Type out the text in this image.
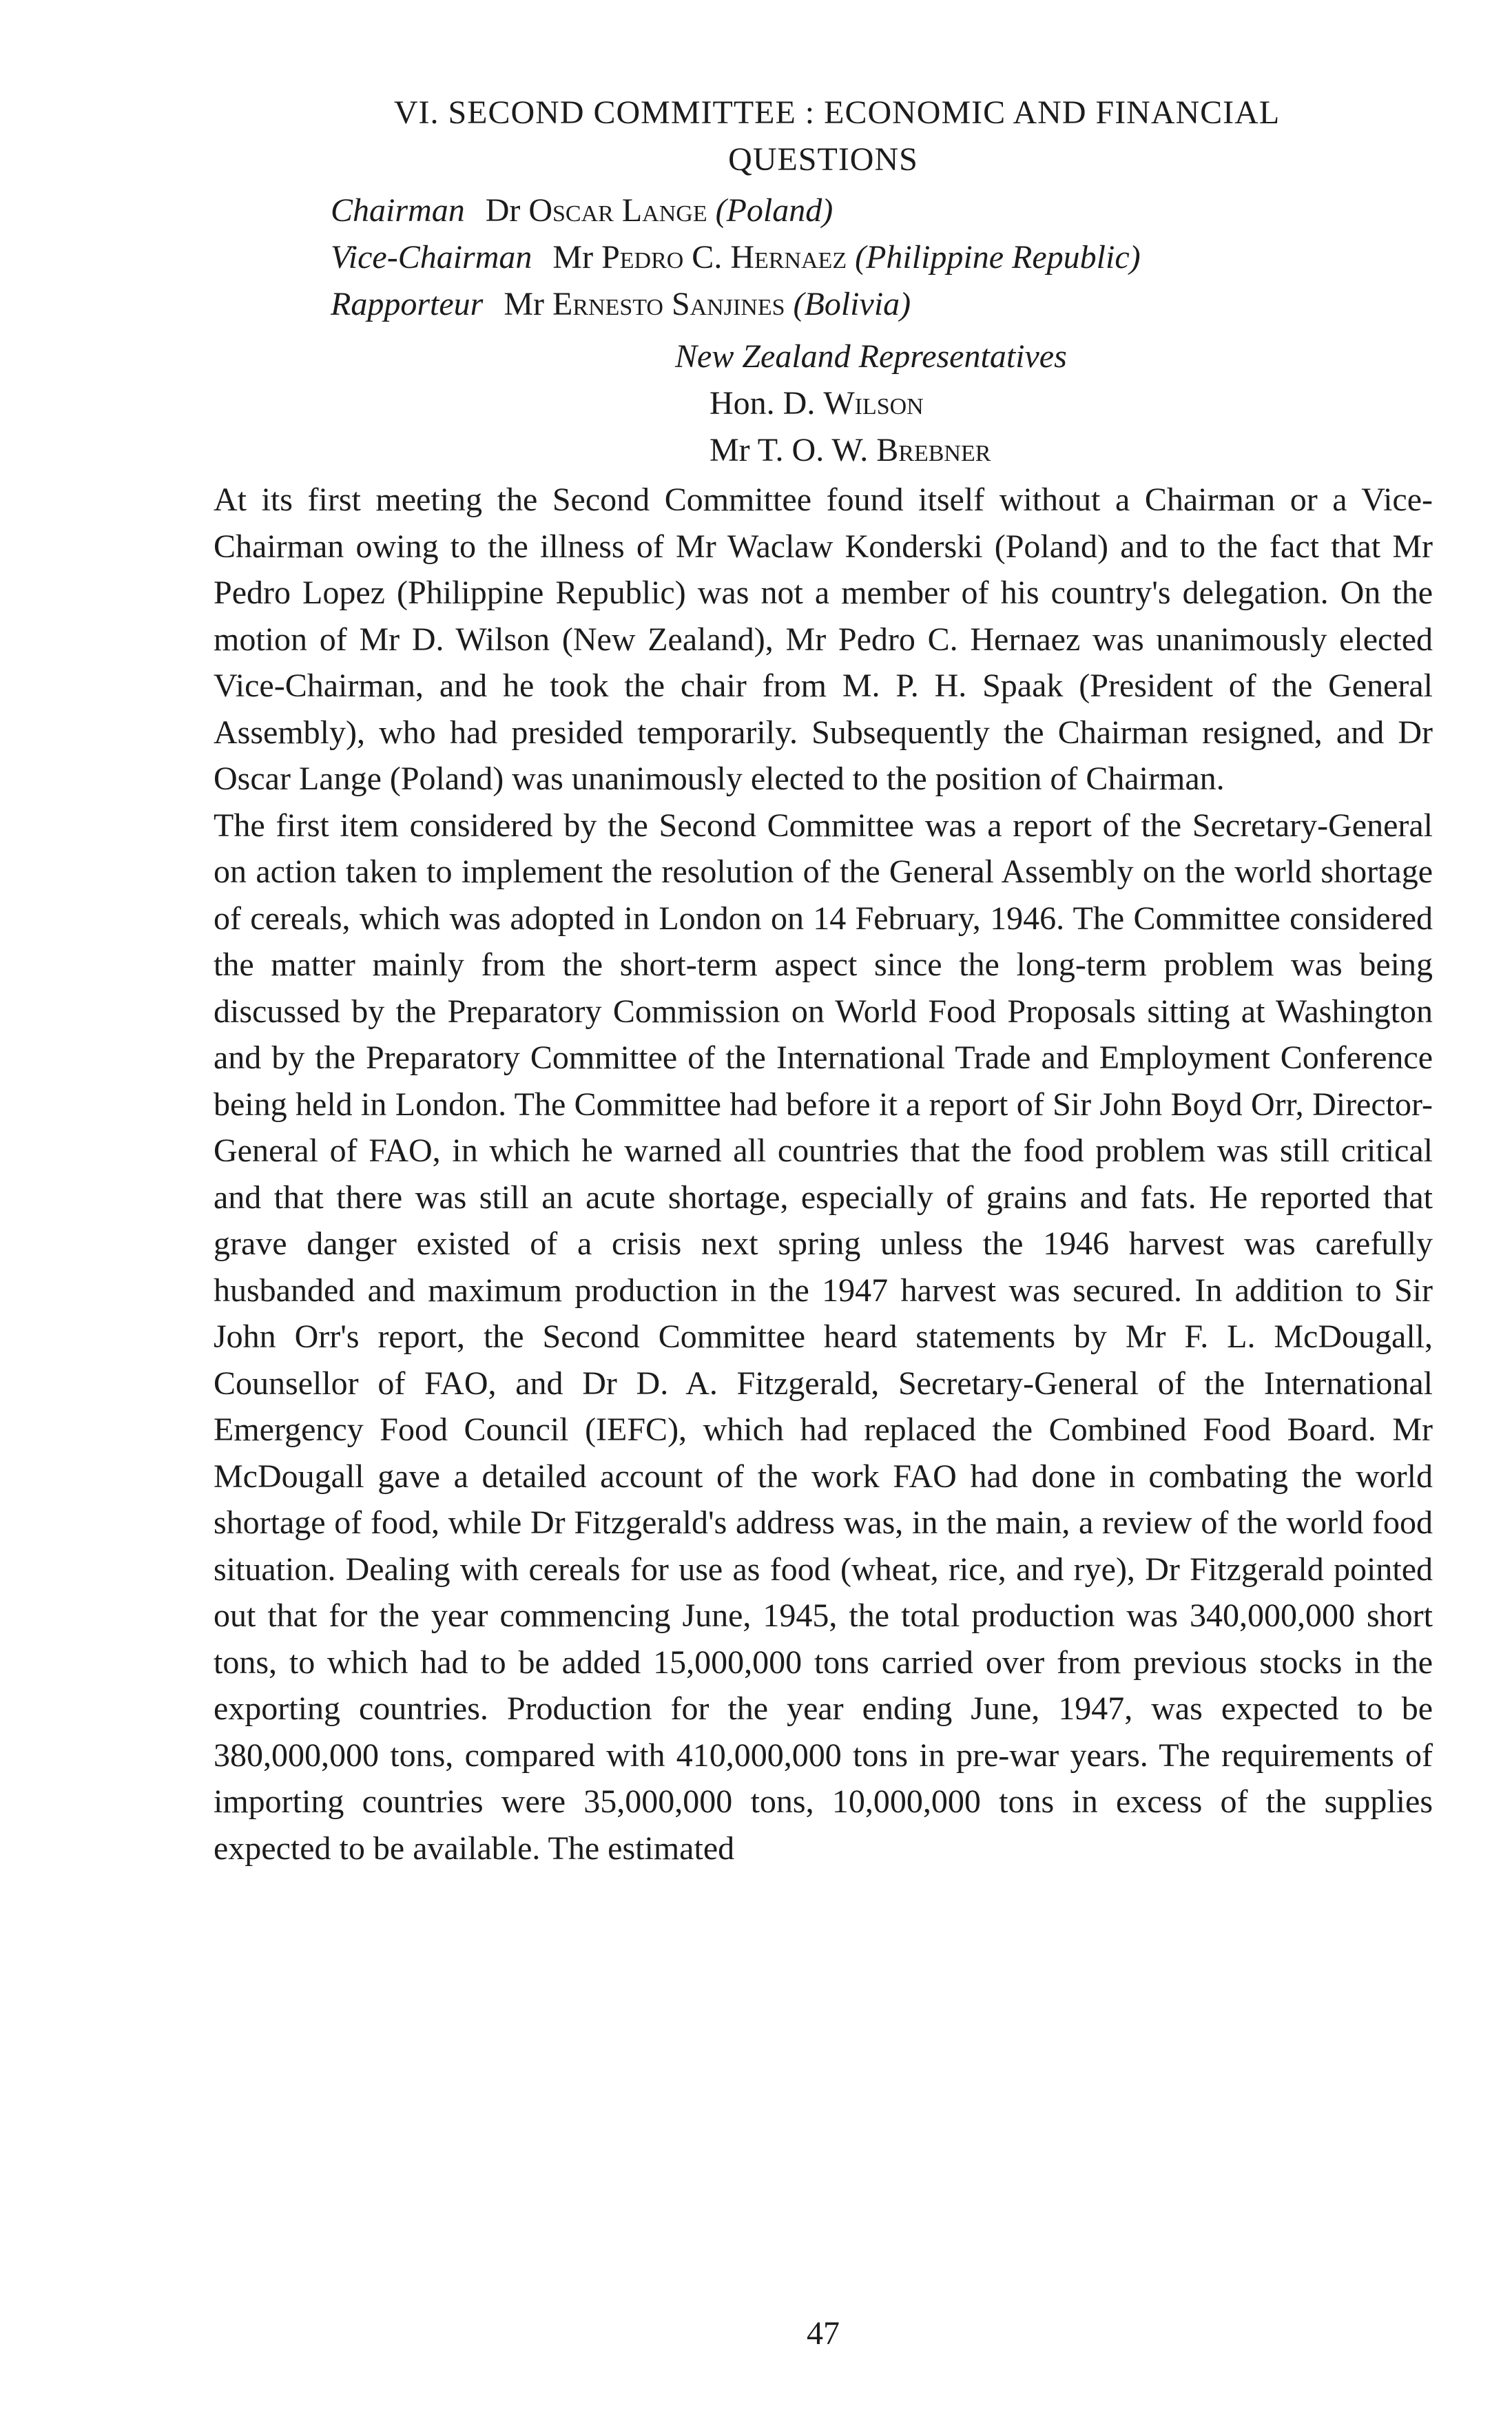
VI. SECOND COMMITTEE : ECONOMIC AND FINANCIAL
QUESTIONS
Chairman Dr Oscar Lange (Poland)
Vice-Chairman Mr Pedro C. Hernaez (Philippine Republic)
Rapporteur Mr Ernesto Sanjines (Bolivia)
New Zealand Representatives
Hon. D. Wilson
Mr T. O. W. Brebner

At its first meeting the Second Committee found itself without a Chairman or a Vice-Chairman owing to the illness of Mr Waclaw Konderski (Poland) and to the fact that Mr Pedro Lopez (Philippine Republic) was not a member of his country's delegation. On the motion of Mr D. Wilson (New Zealand), Mr Pedro C. Hernaez was unanimously elected Vice-Chairman, and he took the chair from M. P. H. Spaak (President of the General Assembly), who had presided temporarily. Subsequently the Chairman resigned, and Dr Oscar Lange (Poland) was unanimously elected to the position of Chairman.

The first item considered by the Second Committee was a report of the Secretary-General on action taken to implement the resolution of the General Assembly on the world shortage of cereals, which was adopted in London on 14 February, 1946. The Committee considered the matter mainly from the short-term aspect since the long-term problem was being discussed by the Preparatory Commission on World Food Proposals sitting at Washington and by the Preparatory Committee of the International Trade and Employment Conference being held in London. The Committee had before it a report of Sir John Boyd Orr, Director-General of FAO, in which he warned all countries that the food problem was still critical and that there was still an acute shortage, especially of grains and fats. He reported that grave danger existed of a crisis next spring unless the 1946 harvest was carefully husbanded and maximum production in the 1947 harvest was secured. In addition to Sir John Orr's report, the Second Committee heard statements by Mr F. L. McDougall, Counsellor of FAO, and Dr D. A. Fitzgerald, Secretary-General of the International Emergency Food Council (IEFC), which had replaced the Combined Food Board. Mr McDougall gave a detailed account of the work FAO had done in combating the world shortage of food, while Dr Fitzgerald's address was, in the main, a review of the world food situation. Dealing with cereals for use as food (wheat, rice, and rye), Dr Fitzgerald pointed out that for the year commencing June, 1945, the total production was 340,000,000 short tons, to which had to be added 15,000,000 tons carried over from previous stocks in the exporting countries. Production for the year ending June, 1947, was expected to be 380,000,000 tons, compared with 410,000,000 tons in pre-war years. The requirements of importing countries were 35,000,000 tons, 10,000,000 tons in excess of the supplies expected to be available. The estimated

47
